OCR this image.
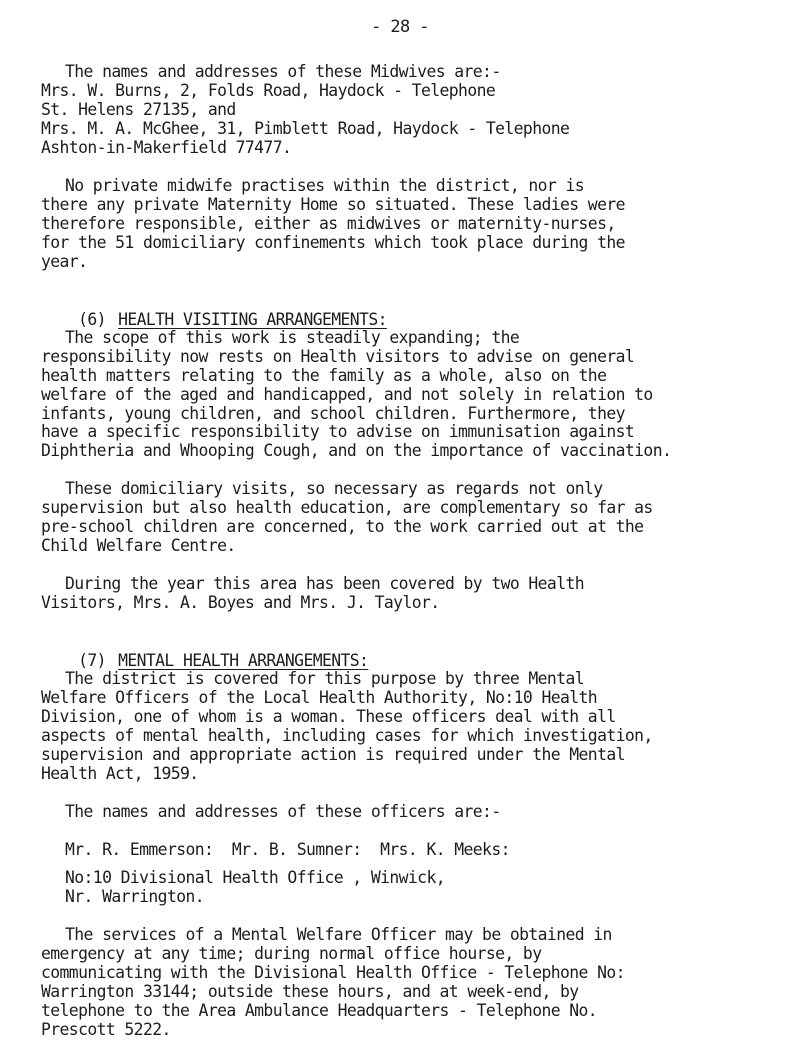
- 28 -
The names and addresses of these Midwives are:-
Mrs. W. Burns, 2, Folds Road, Haydock - Telephone
St. Helens 27135, and
Mrs. M. A. McGhee, 31, Pimblett Road, Haydock - Telephone
Ashton-in-Makerfield 77477.
No private midwife practises within the district, nor is
there any private Maternity Home so situated. These ladies were
therefore responsible, either as midwives or maternity-nurses,
for the 51 domiciliary confinements which took place during the
year.

(6) HEALTH VISITING ARRANGEMENTS:

The scope of this work is steadily expanding; the
responsibility now rests on Health visitors to advise on general
health matters relating to the family as a whole, also on the
welfare of the aged and handicapped, and not solely in relation to
infants, young children, and school children. Furthermore, they
have a specific responsibility to advise on immunisation against
Diphtheria and Whooping Cough, and on the importance of vaccination.
These domiciliary visits, so necessary as regards not only
supervision but also health education, are complementary so far as
pre-school children are concerned, to the work carried out at the
Child Welfare Centre.
During the year this area has been covered by two Health
Visitors, Mrs. A. Boyes and Mrs. J. Taylor.

(7) MENTAL HEALTH ARRANGEMENTS:

The district is covered for this purpose by three Mental
Welfare Officers of the Local Health Authority, No:10 Health
Division, one of whom is a woman. These officers deal with all
aspects of mental health, including cases for which investigation,
supervision and appropriate action is required under the Mental
Health Act, 1959.
The names and addresses of these officers are:-
Mr. R. Emmerson:  Mr. B. Sumner:  Mrs. K. Meeks:
No:10 Divisional Health Office , Winwick,
Nr. Warrington.
The services of a Mental Welfare Officer may be obtained in
emergency at any time; during normal office hourse, by
communicating with the Divisional Health Office - Telephone No:
Warrington 33144; outside these hours, and at week-end, by
telephone to the Area Ambulance Headquarters - Telephone No.
Prescott 5222.
